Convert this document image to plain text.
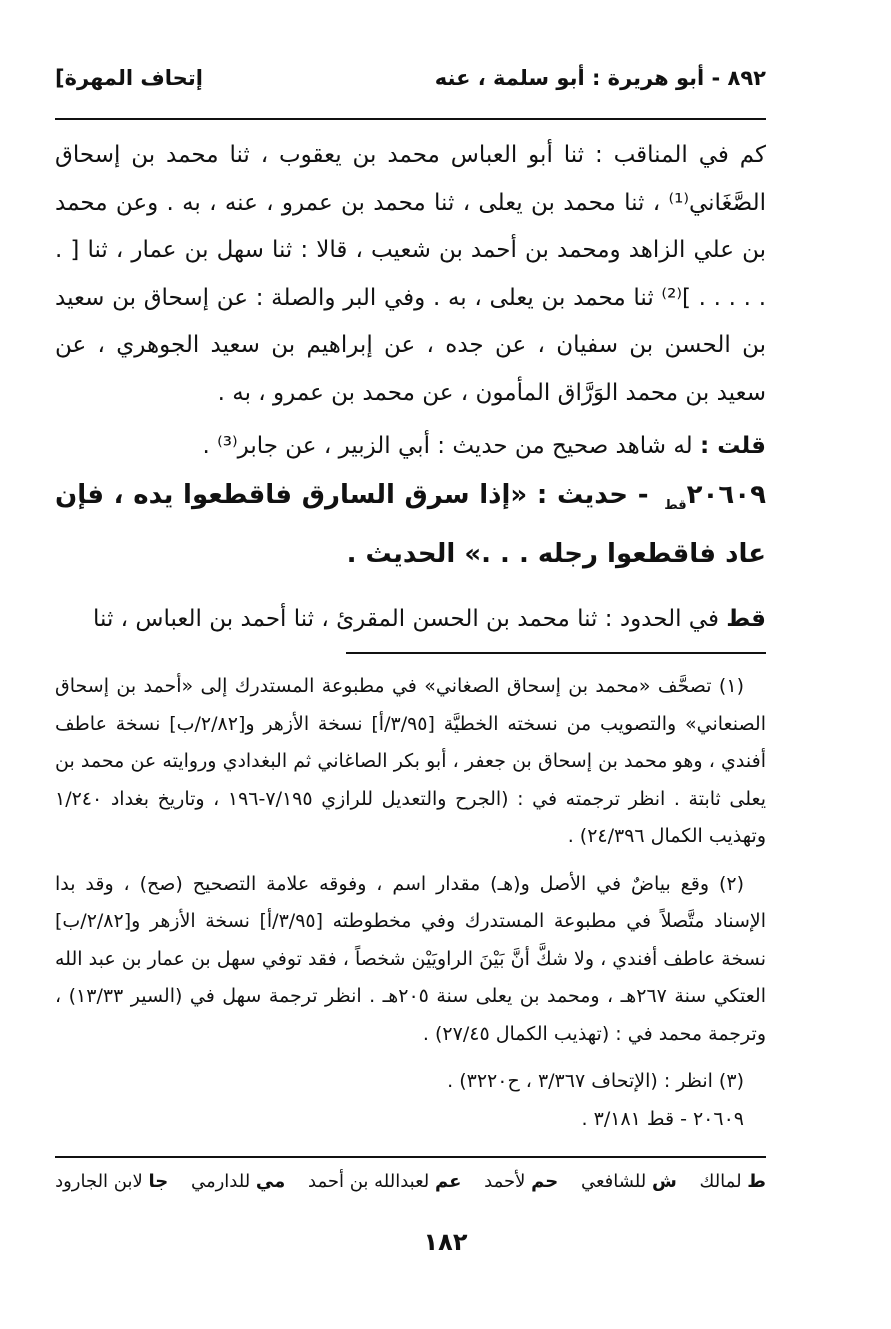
[إتحاف المهرة	٨٩٢ - أبو هريرة : أبو سلمة ، عنه

كم في المناقب : ثنا أبو العباس محمد بن يعقوب ، ثنا محمد بن إسحاق الصَّغَاني⁽¹⁾ ، ثنا محمد بن يعلى ، ثنا محمد بن عمرو ، عنه ، به . وعن محمد بن علي الزاهد ومحمد بن أحمد بن شعيب ، قالا : ثنا سهل بن عمار ، ثنا [ . . . . . . ]⁽²⁾ ثنا محمد بن يعلى ، به . وفي البر والصلة : عن إسحاق بن سعيد بن الحسن بن سفيان ، عن جده ، عن إبراهيم بن سعيد الجوهري ، عن سعيد بن محمد الوَرَّاق المأمون ، عن محمد بن عمرو ، به .

قلت : له شاهد صحيح من حديث : أبي الزبير ، عن جابر⁽³⁾ .

$٢٠٦٠٩_{قط}$ - حديث : «إذا سرق السارق فاقطعوا يده ، فإن عاد فاقطعوا رجله . . .» الحديث .

قط في الحدود : ثنا محمد بن الحسن المقرئ ، ثنا أحمد بن العباس ، ثنا

(١) تصحَّف «محمد بن إسحاق الصغاني» في مطبوعة المستدرك إلى «أحمد بن إسحاق الصنعاني» والتصويب من نسخته الخطيَّة [٣/٩٥/أ] نسخة الأزهر و[٢/٨٢/ب] نسخة عاطف أفندي ، وهو محمد بن إسحاق بن جعفر ، أبو بكر الصاغاني ثم البغدادي وروايته عن محمد بن يعلى ثابتة . انظر ترجمته في : (الجرح والتعديل للرازي ٧/١٩٥-١٩٦ ، وتاريخ بغداد ١/٢٤٠ وتهذيب الكمال ٢٤/٣٩٦) .

(٢) وقع بياضٌ في الأصل و(هـ) مقدار اسم ، وفوقه علامة التصحيح (صح) ، وقد بدا الإسناد متَّصلاً في مطبوعة المستدرك وفي مخطوطته [٣/٩٥/أ] نسخة الأزهر و[٢/٨٢/ب] نسخة عاطف أفندي ، ولا شكَّ أنَّ بَيْنَ الراويَيْن شخصاً ، فقد توفي سهل بن عمار بن عبد الله العتكي سنة ٢٦٧هـ ، ومحمد بن يعلى سنة ٢٠٥هـ . انظر ترجمة سهل في (السير ١٣/٣٣) ، وترجمة محمد في : (تهذيب الكمال ٢٧/٤٥) .

(٣) انظر : (الإتحاف ٣/٣٦٧ ، ح٣٢٢٠) .

٢٠٦٠٩ - قط ٣/١٨١ .

ط لمالك
ش للشافعي
حم لأحمد
عم لعبدالله بن أحمد
مي للدارمي
جا لابن الجارود
١٨٢
